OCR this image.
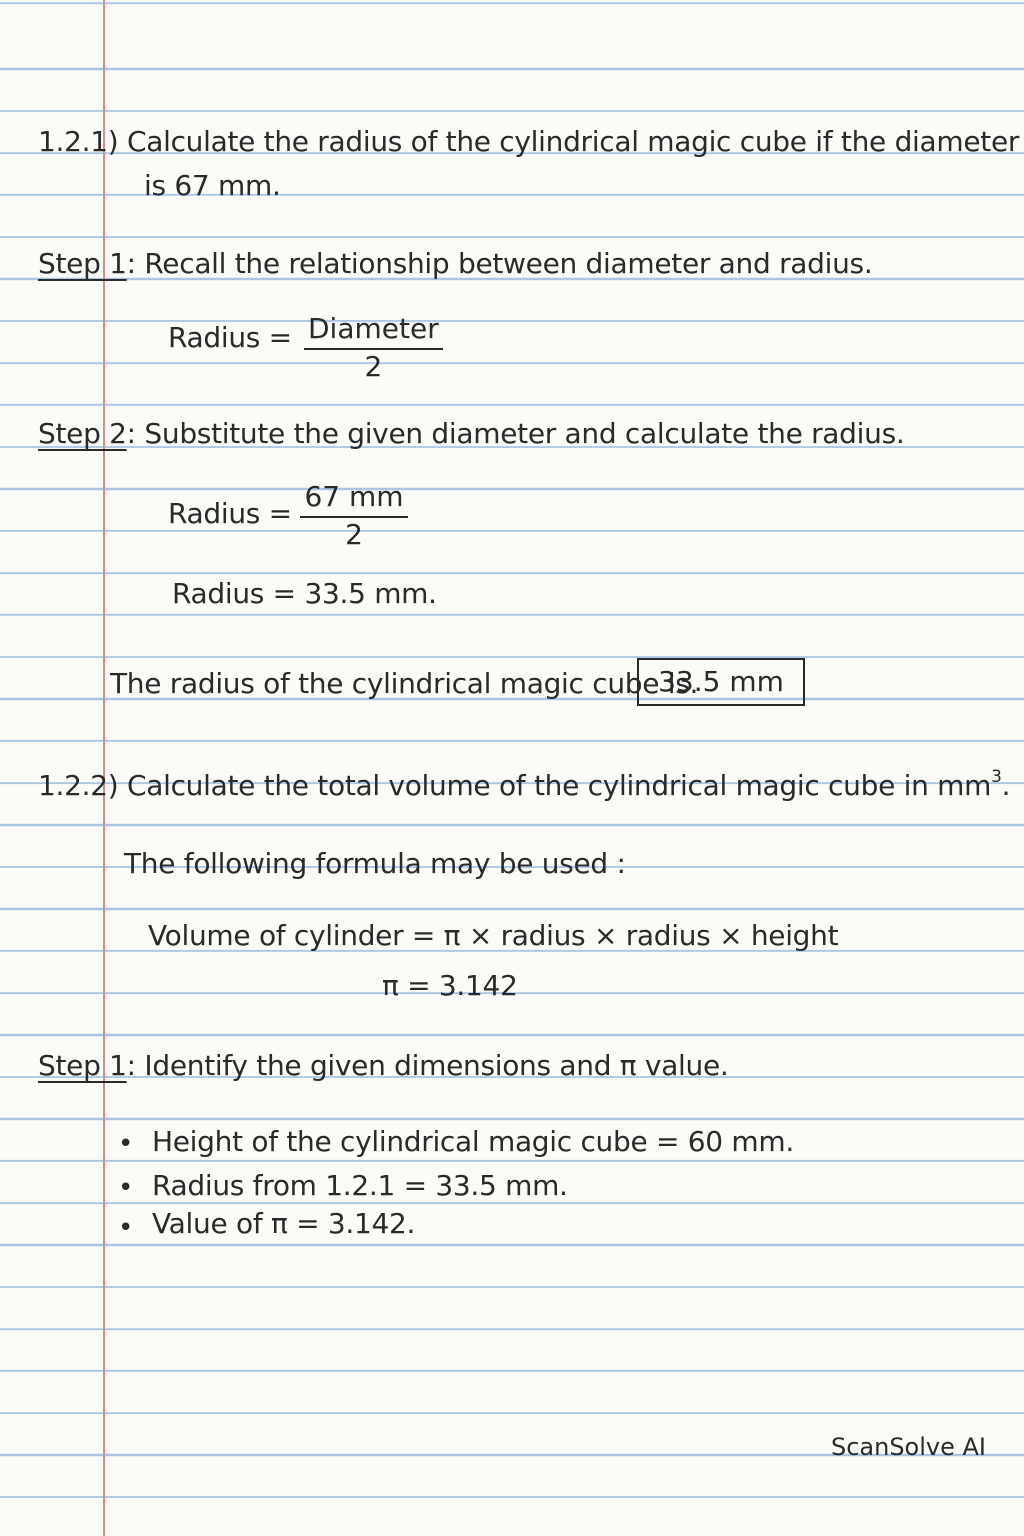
1.2.1) Calculate the radius of the cylindrical magic cube if the diameter
is 67 mm.
Step 1: Recall the relationship between diameter and radius.
Radius = Diameter
2
Step 2: Substitute the given diameter and calculate the radius.
Radius = $\frac{67 mm}{2}$
Radius = 33.5 mm.
The radius of the cylindrical magic cube is.
33.5 mm
1.2.2) Calculate the total volume of the cylindrical magic cube in $mm^3$.
The following formula may be used :
Volume of cylinder = π × radius × radius × height
π = 3.142
Step 1: Identify the given dimensions and π value.
• Height of the cylindrical magic cube = 60 mm.
• Radius from 1.2.1 = 33.5 mm.
• Value of π = 3.142.
ScanSolve AI
